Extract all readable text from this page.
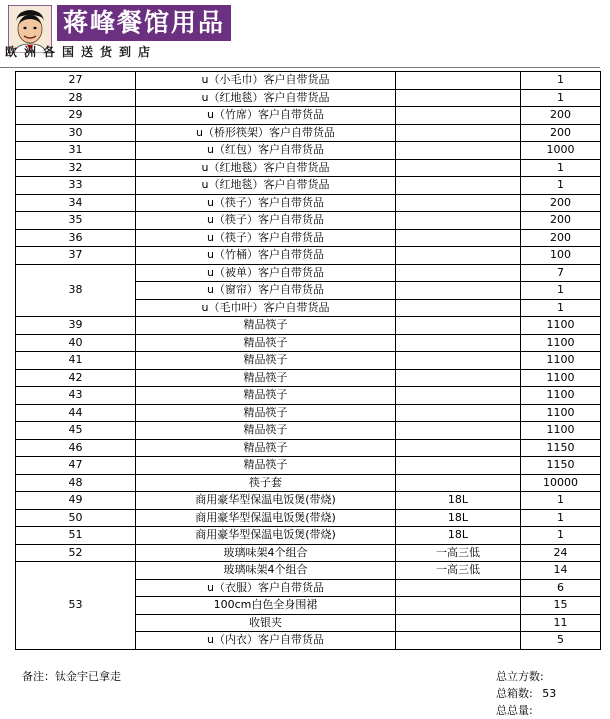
蒋峰餐馆用品
欧洲各国送货到店
27	u（小毛巾）客户自带货品		1
28	u（红地毯）客户自带货品		1
29	u（竹席）客户自带货品		200
30	u（桥形筷架）客户自带货品		200
31	u（红包）客户自带货品		1000
32	u（红地毯）客户自带货品		1
33	u（红地毯）客户自带货品		1
34	u（筷子）客户自带货品		200
35	u（筷子）客户自带货品		200
36	u（筷子）客户自带货品		200
37	u（竹桶）客户自带货品		100
38	u（被单）客户自带货品		7
	u（窗帘）客户自带货品		1
	u（毛巾叶）客户自带货品		1
39	精品筷子		1100
40	精品筷子		1100
41	精品筷子		1100
42	精品筷子		1100
43	精品筷子		1100
44	精品筷子		1100
45	精品筷子		1100
46	精品筷子		1150
47	精品筷子		1150
48	筷子套		10000
49	商用豪华型保温电饭煲(带烧)	18L	1
50	商用豪华型保温电饭煲(带烧)	18L	1
51	商用豪华型保温电饭煲(带烧)	18L	1
52	玻璃味架4个组合	一高三低	24
53	玻璃味架4个组合	一高三低	14
	u（衣服）客户自带货品		6
	100cm白色全身围裙		15
	收银夹		11
	u（内衣）客户自带货品		5
备注：钛金宇已拿走	总立方数:
总箱数: 53
总总量:
